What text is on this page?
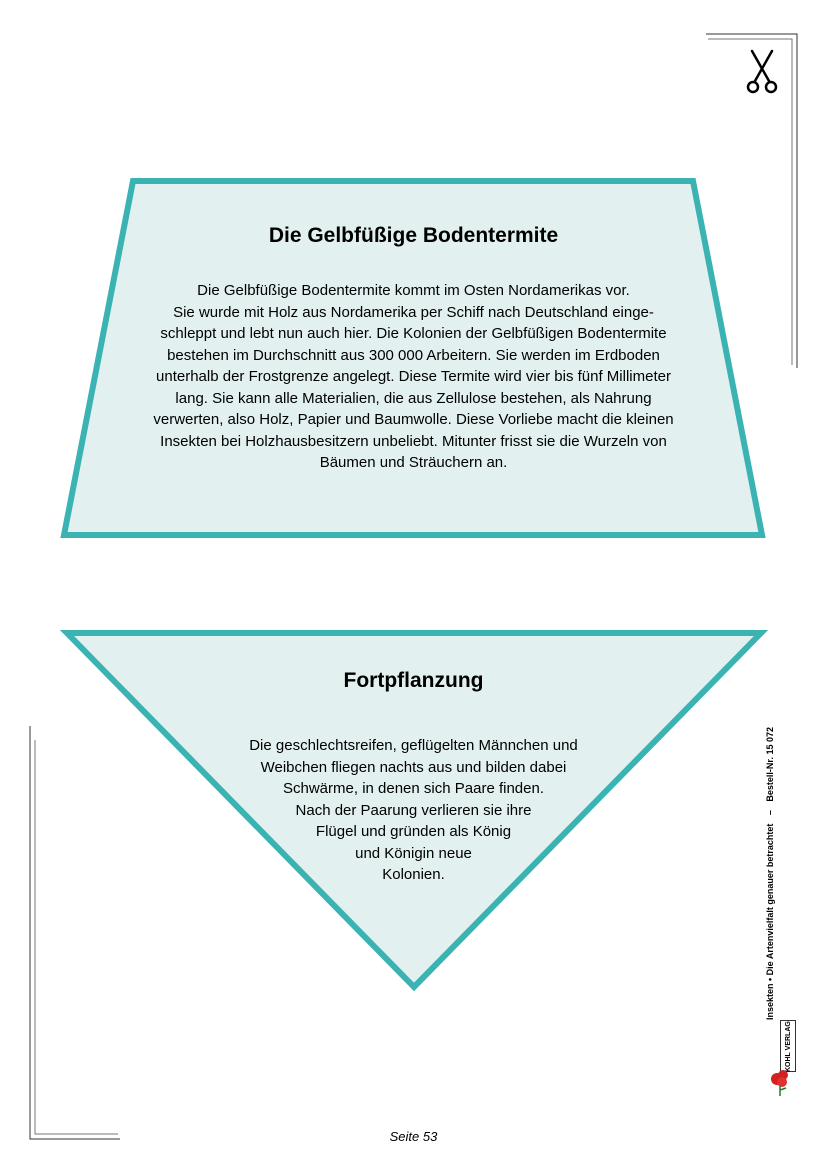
Die Gelbfüßige Bodentermite
Die Gelbfüßige Bodentermite kommt im Osten Nordamerikas vor.
Sie wurde mit Holz aus Nordamerika per Schiff nach Deutschland einge-
schleppt und lebt nun auch hier. Die Kolonien der Gelbfüßigen Bodentermite
bestehen im Durchschnitt aus 300 000 Arbeitern. Sie werden im Erdboden
unterhalb der Frostgrenze angelegt. Diese Termite wird vier bis fünf Millimeter
lang. Sie kann alle Materialien, die aus Zellulose bestehen, als Nahrung
verwerten, also Holz, Papier und Baumwolle. Diese Vorliebe macht die kleinen
Insekten bei Holzhausbesitzern unbeliebt. Mitunter frisst sie die Wurzeln von
Bäumen und Sträuchern an.
Fortpflanzung
Die geschlechtsreifen, geflügelten Männchen und
Weibchen fliegen nachts aus und bilden dabei
Schwärme, in denen sich Paare finden.
Nach der Paarung verlieren sie ihre
Flügel und gründen als König
und Königin neue
Kolonien.	Insekten • Die Artenvielfalt genauer betrachtet – Bestell-Nr. 15 072
KOHL VERLAG
Seite 53
